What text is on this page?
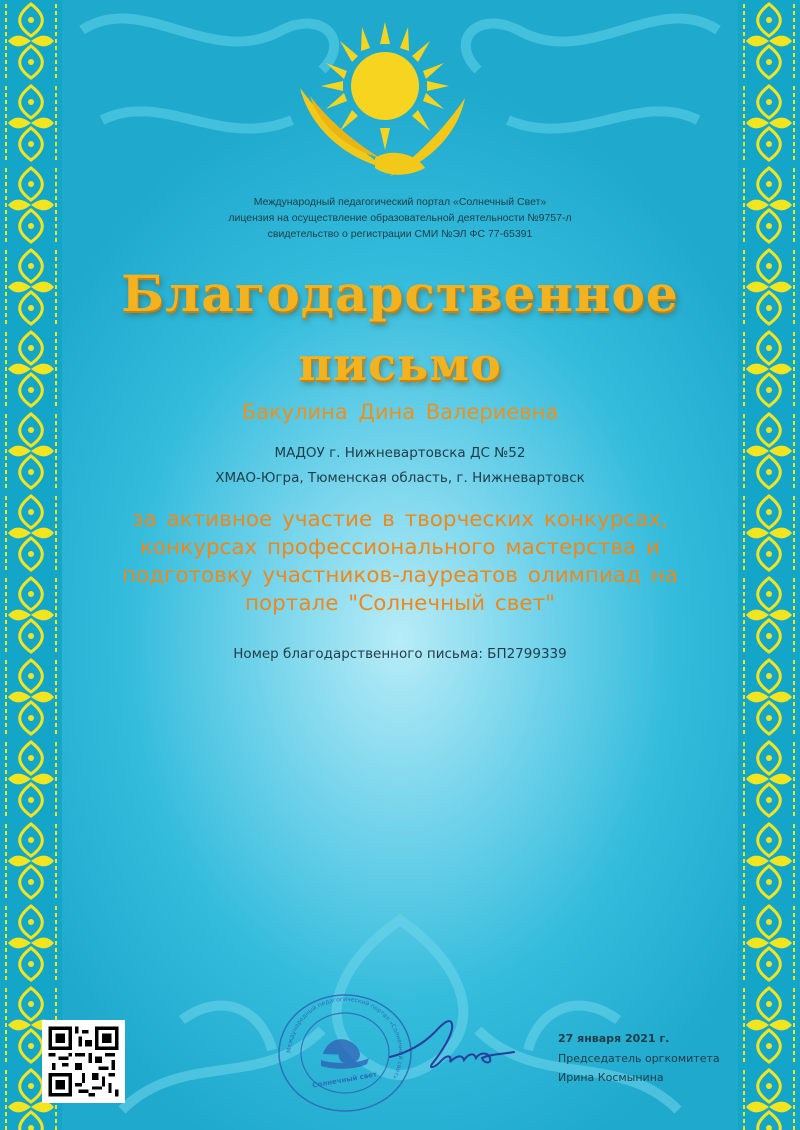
Международный педагогический портал «Солнечный Свет»
лицензия на осуществление образовательной деятельности №9757-л
свидетельство о регистрации СМИ №ЭЛ ФС 77-65391
Благодарственное
письмо
Бакулина Дина Валериевна
МАДОУ г. Нижневартовска ДС №52
ХМАО-Югра, Тюменская область, г. Нижневартовск
за активное участие в творческих конкурсах,
конкурсах профессионального мастерства и
подготовку участников-лауреатов олимпиад на
портале "Солнечный свет"
Номер благодарственного письма: БП2799339
Международный педагогический портал «Солнечный свет»
Солнечный свет
27 января 2021 г.
Председатель оргкомитета
Ирина Космынина
